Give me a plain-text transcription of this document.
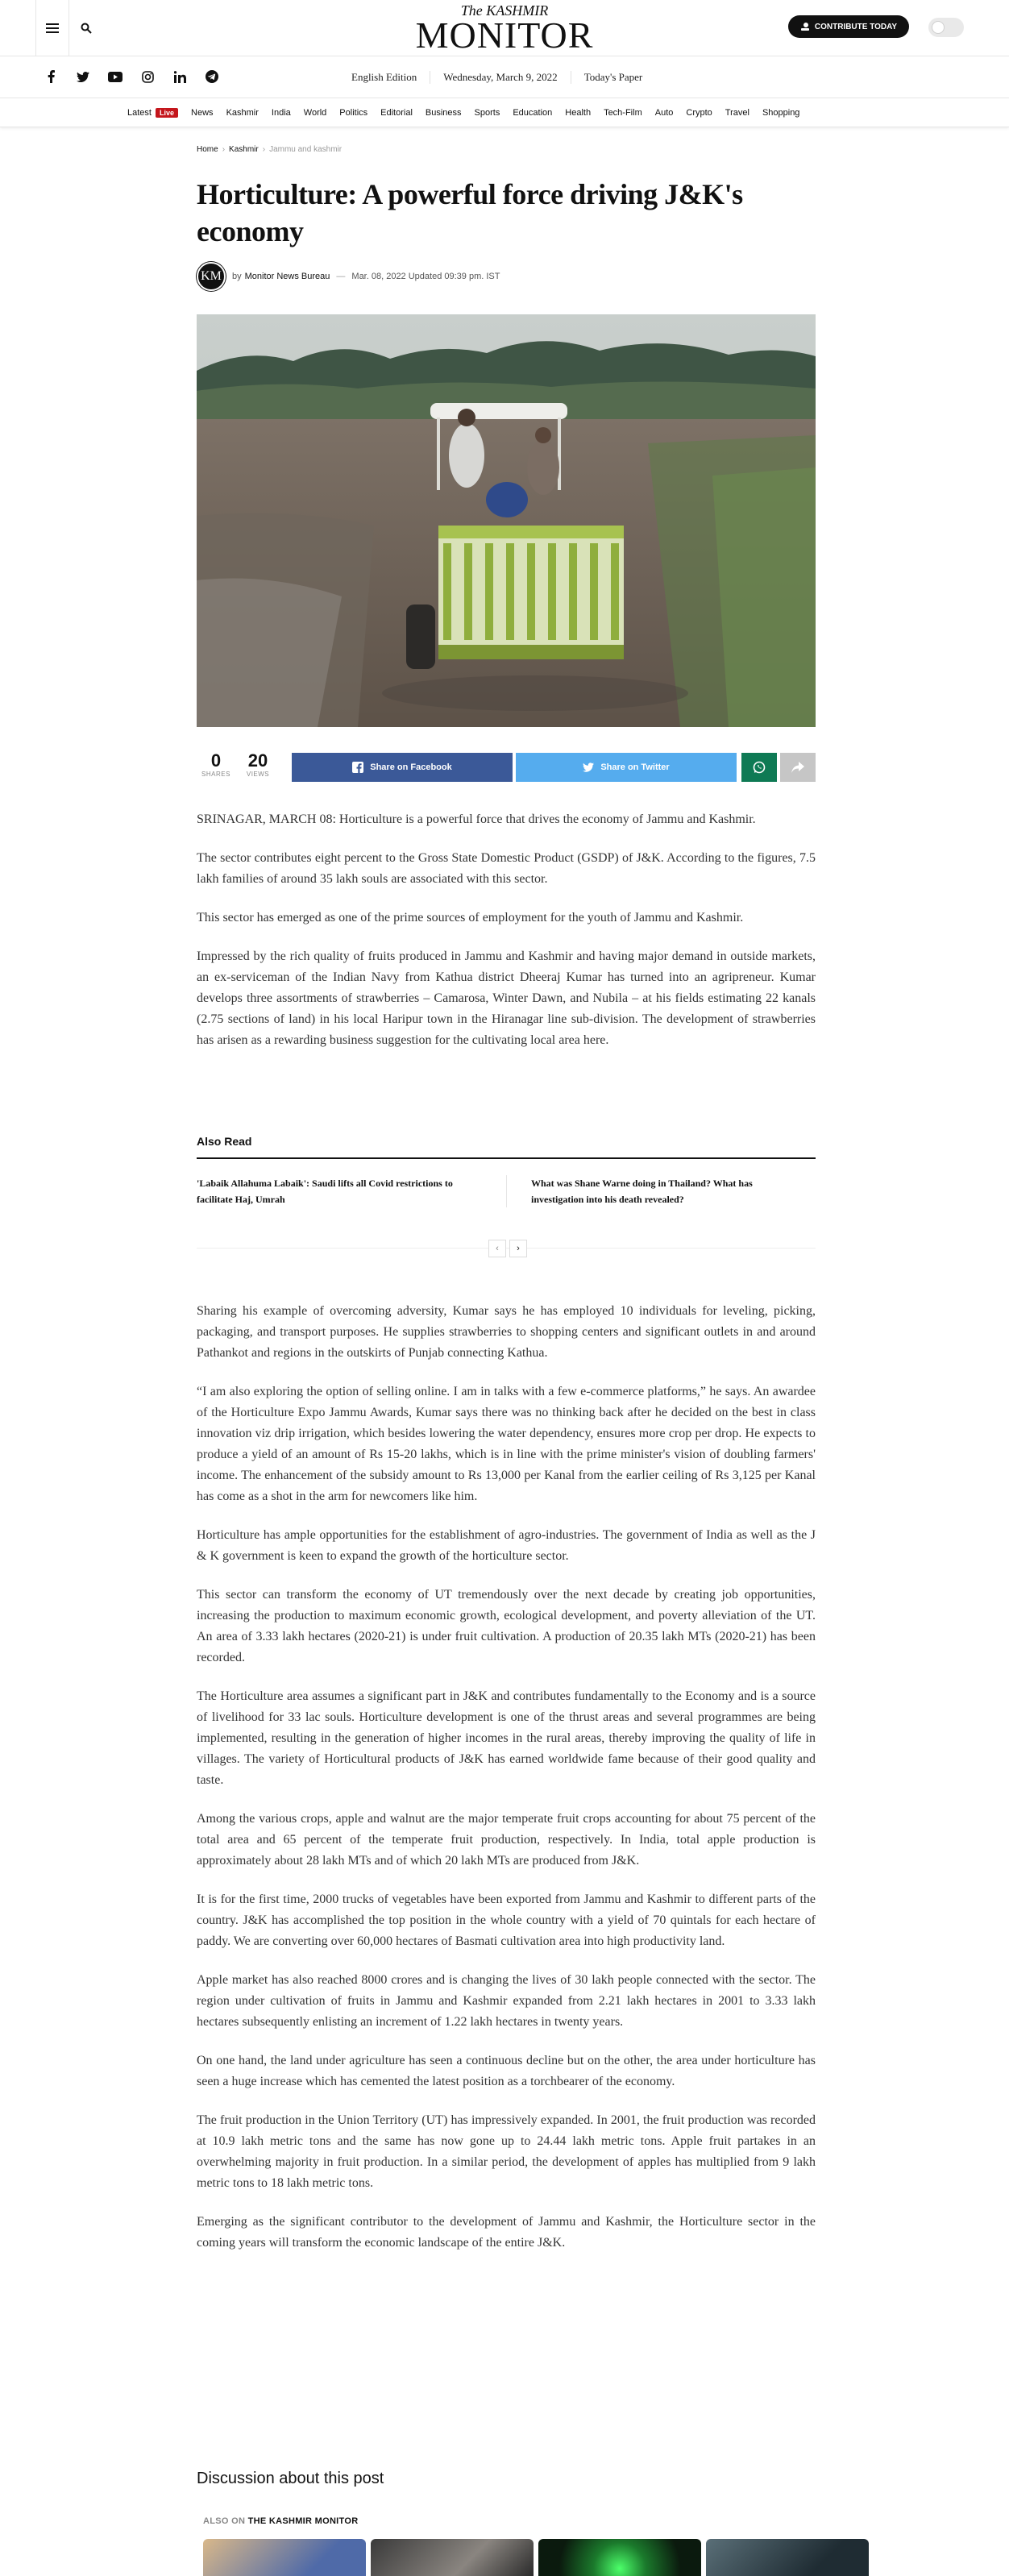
The KASHMIR
MONITOR	CONTRIBUTE TODAY
English Edition	Wednesday, March 9, 2022	Today's Paper
Latest Live	News	Kashmir	India	World	Politics	Editorial	Business	Sports	Education	Health	Tech-Film	Auto	Crypto	Travel	Shopping
Home › Kashmir › Jammu and kashmir
Horticulture: A powerful force driving J&K's economy
KM	by Monitor News Bureau — Mar. 08, 2022 Updated 09:39 pm. IST
0
SHARES
20
VIEWS
Share on Facebook	Share on Twitter

SRINAGAR, MARCH 08: Horticulture is a powerful force that drives the economy of Jammu and Kashmir.

The sector contributes eight percent to the Gross State Domestic Product (GSDP) of J&K. According to the figures, 7.5 lakh families of around 35 lakh souls are associated with this sector.

This sector has emerged as one of the prime sources of employment for the youth of Jammu and Kashmir.

Impressed by the rich quality of fruits produced in Jammu and Kashmir and having major demand in outside markets, an ex-serviceman of the Indian Navy from Kathua district Dheeraj Kumar has turned into an agripreneur. Kumar develops three assortments of strawberries – Camarosa, Winter Dawn, and Nubila – at his fields estimating 22 kanals (2.75 sections of land) in his local Haripur town in the Hiranagar line sub-division. The development of strawberries has arisen as a rewarding business suggestion for the cultivating local area here.

Also Read
'Labaik Allahuma Labaik': Saudi lifts all Covid restrictions to facilitate Haj, Umrah
What was Shane Warne doing in Thailand? What has investigation into his death revealed?
‹ ›

Sharing his example of overcoming adversity, Kumar says he has employed 10 individuals for leveling, picking, packaging, and transport purposes. He supplies strawberries to shopping centers and significant outlets in and around Pathankot and regions in the outskirts of Punjab connecting Kathua.

“I am also exploring the option of selling online. I am in talks with a few e-commerce platforms,” he says. An awardee of the Horticulture Expo Jammu Awards, Kumar says there was no thinking back after he decided on the best in class innovation viz drip irrigation, which besides lowering the water dependency, ensures more crop per drop. He expects to produce a yield of an amount of Rs 15-20 lakhs, which is in line with the prime minister's vision of doubling farmers' income. The enhancement of the subsidy amount to Rs 13,000 per Kanal from the earlier ceiling of Rs 3,125 per Kanal has come as a shot in the arm for newcomers like him.

Horticulture has ample opportunities for the establishment of agro-industries. The government of India as well as the J & K government is keen to expand the growth of the horticulture sector.

This sector can transform the economy of UT tremendously over the next decade by creating job opportunities, increasing the production to maximum economic growth, ecological development, and poverty alleviation of the UT. An area of 3.33 lakh hectares (2020-21) is under fruit cultivation. A production of 20.35 lakh MTs (2020-21) has been recorded.

The Horticulture area assumes a significant part in J&K and contributes fundamentally to the Economy and is a source of livelihood for 33 lac souls. Horticulture development is one of the thrust areas and several programmes are being implemented, resulting in the generation of higher incomes in the rural areas, thereby improving the quality of life in villages. The variety of Horticultural products of J&K has earned worldwide fame because of their good quality and taste.

Among the various crops, apple and walnut are the major temperate fruit crops accounting for about 75 percent of the total area and 65 percent of the temperate fruit production, respectively. In India, total apple production is approximately about 28 lakh MTs and of which 20 lakh MTs are produced from J&K.

It is for the first time, 2000 trucks of vegetables have been exported from Jammu and Kashmir to different parts of the country. J&K has accomplished the top position in the whole country with a yield of 70 quintals for each hectare of paddy. We are converting over 60,000 hectares of Basmati cultivation area into high productivity land.

Apple market has also reached 8000 crores and is changing the lives of 30 lakh people connected with the sector. The region under cultivation of fruits in Jammu and Kashmir expanded from 2.21 lakh hectares in 2001 to 3.33 lakh hectares subsequently enlisting an increment of 1.22 lakh hectares in twenty years.

On one hand, the land under agriculture has seen a continuous decline but on the other, the area under horticulture has seen a huge increase which has cemented the latest position as a torchbearer of the economy.

The fruit production in the Union Territory (UT) has impressively expanded. In 2001, the fruit production was recorded at 10.9 lakh metric tons and the same has now gone up to 24.44 lakh metric tons. Apple fruit partakes in an overwhelming majority in fruit production. In a similar period, the development of apples has multiplied from 9 lakh metric tons to 18 lakh metric tons.

Emerging as the significant contributor to the development of Jammu and Kashmir, the Horticulture sector in the coming years will transform the economic landscape of the entire J&K.

Discussion about this post
ALSO ON THE KASHMIR MONITOR
